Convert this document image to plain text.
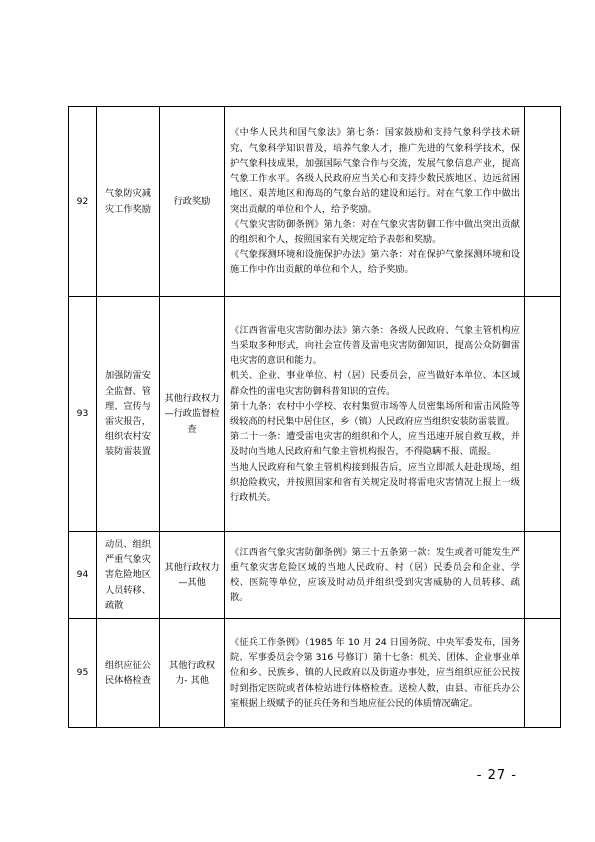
92	气象防灾减灾工作奖励	行政奖励	《中华人民共和国气象法》第七条：国家鼓励和支持气象科学技术研究、气象科学知识普及，培养气象人才，推广先进的气象科学技术，保护气象科技成果，加强国际气象合作与交流，发展气象信息产业，提高气象工作水平。各级人民政府应当关心和支持少数民族地区、边远贫困地区、艰苦地区和海岛的气象台站的建设和运行。对在气象工作中做出突出贡献的单位和个人，给予奖励。

《气象灾害防御条例》第九条：对在气象灾害防御工作中做出突出贡献的组织和个人，按照国家有关规定给予表彰和奖励。

《气象探测环境和设施保护办法》第六条：对在保护气象探测环境和设施工作中作出贡献的单位和个人，给予奖励。	

93	加强防雷安全监督、管理、宣传与雷灾报告，组织农村安装防雷装置	其他行政权力—行政监督检查	《江西省雷电灾害防御办法》第六条：各级人民政府、气象主管机构应当采取多种形式，向社会宣传普及雷电灾害防御知识，提高公众防御雷电灾害的意识和能力。

机关、企业、事业单位、村（居）民委员会，应当做好本单位、本区域群众性的雷电灾害防御科普知识的宣传。

第十九条：农村中小学校、农村集贸市场等人员密集场所和雷击风险等级较高的村民集中居住区，乡（镇）人民政府应当组织安装防雷装置。

第二十一条：遭受雷电灾害的组织和个人，应当迅速开展自救互救，并及时向当地人民政府和气象主管机构报告，不得隐瞒不报、谎报。

当地人民政府和气象主管机构接到报告后，应当立即派人赶赴现场，组织抢险救灾，并按照国家和省有关规定及时将雷电灾害情况上报上一级行政机关。	

94	动员、组织严重气象灾害危险地区人员转移、疏散	其他行政权力—其他	《江西省气象灾害防御条例》第三十五条第一款：发生或者可能发生严重气象灾害危险区域的当地人民政府、村（居）民委员会和企业、学校、医院等单位，应该及时动员并组织受到灾害威胁的人员转移、疏散。	

95	组织应征公民体格检查	其他行政权力- 其他	《征兵工作条例》（1985 年 10 月 24 日国务院、中央军委发布，国务院、军事委员会令第 316 号修订）第十七条：机关、团体、企业事业单位和乡、民族乡、镇的人民政府以及街道办事处，应当组织应征公民按时到指定医院或者体检站进行体格检查。送检人数，由县、市征兵办公室根据上级赋予的征兵任务和当地应征公民的体质情况确定。	

- 27 -
